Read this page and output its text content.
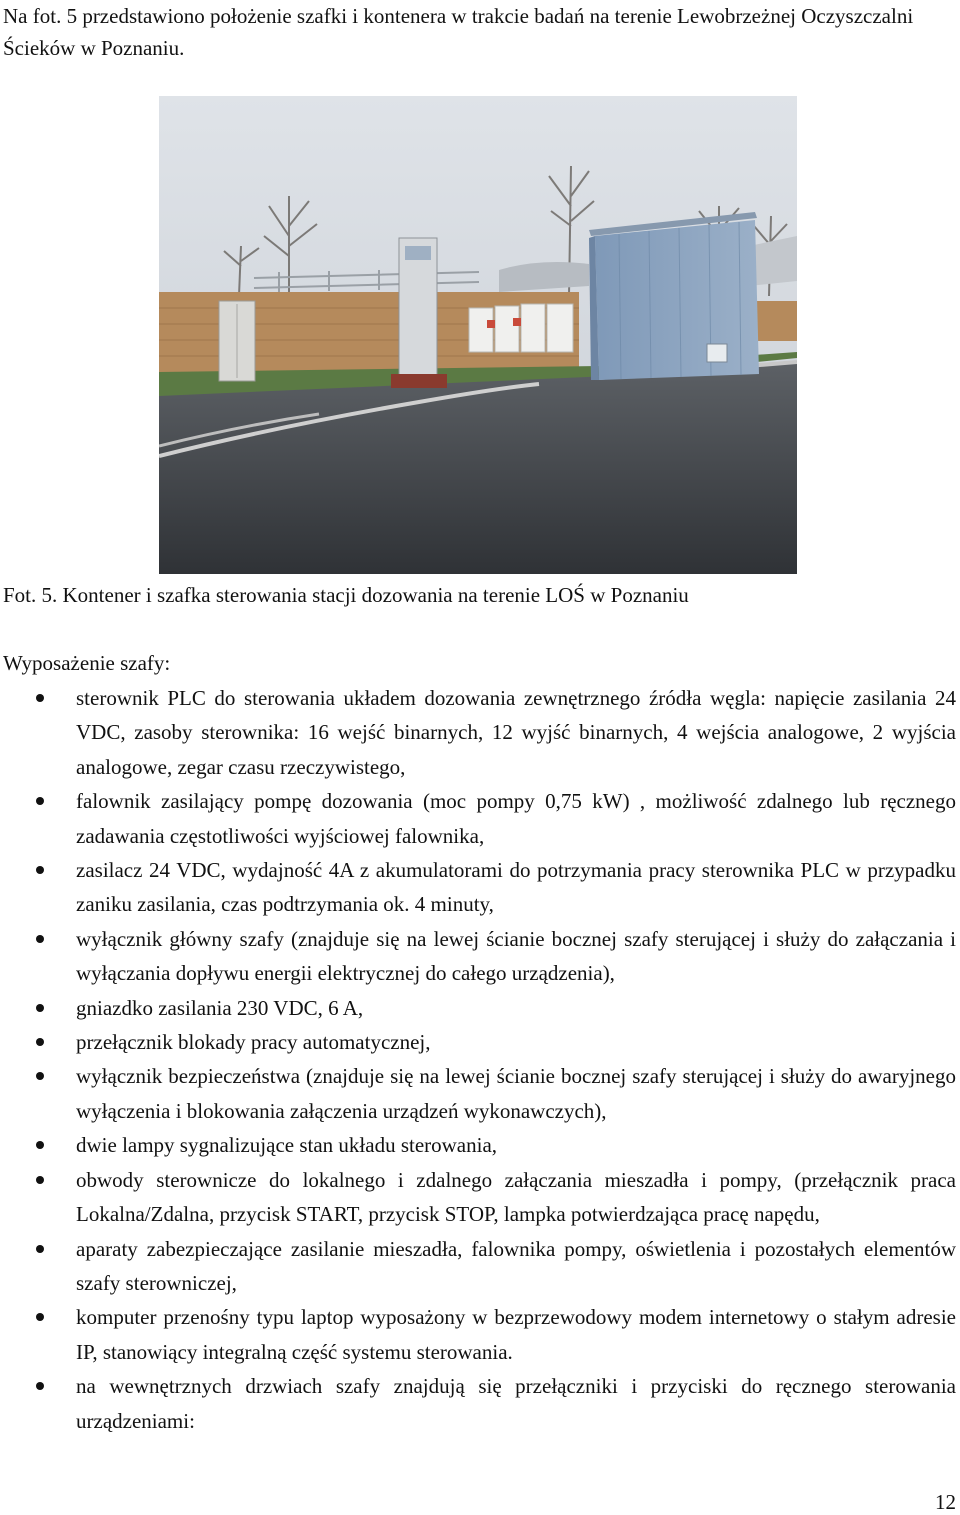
Na fot. 5 przedstawiono położenie szafki i kontenera w trakcie badań na terenie Lewobrzeżnej Oczyszczalni Ścieków w Poznaniu.

Fot. 5. Kontener i szafka sterowania stacji dozowania na terenie LOŚ w Poznaniu

Wyposażenie szafy:

sterownik PLC do sterowania układem dozowania zewnętrznego źródła węgla: napięcie zasilania 24 VDC, zasoby sterownika: 16 wejść binarnych, 12 wyjść binarnych, 4 wejścia analogowe, 2 wyjścia analogowe, zegar czasu rzeczywistego,
falownik zasilający pompę dozowania (moc pompy 0,75 kW) , możliwość zdalnego lub ręcznego zadawania częstotliwości wyjściowej falownika,
zasilacz 24 VDC, wydajność 4A z akumulatorami do potrzymania pracy sterownika PLC w przypadku zaniku zasilania, czas podtrzymania ok. 4 minuty,
wyłącznik główny szafy (znajduje się na lewej ścianie bocznej szafy sterującej i służy do załączania i wyłączania dopływu energii elektrycznej do całego urządzenia),
gniazdko zasilania 230 VDC, 6 A,
przełącznik blokady pracy automatycznej,
wyłącznik bezpieczeństwa (znajduje się na lewej ścianie bocznej szafy sterującej i służy do awaryjnego wyłączenia i blokowania załączenia urządzeń wykonawczych),
dwie lampy sygnalizujące stan układu sterowania,
obwody sterownicze do lokalnego i zdalnego załączania mieszadła i pompy, (przełącznik praca Lokalna/Zdalna, przycisk START, przycisk STOP, lampka potwierdzająca pracę napędu,
aparaty zabezpieczające zasilanie mieszadła, falownika pompy, oświetlenia i pozostałych elementów szafy sterowniczej,
komputer przenośny typu laptop wyposażony w bezprzewodowy modem internetowy o stałym adresie IP, stanowiący integralną część systemu sterowania.
na wewnętrznych drzwiach szafy znajdują się przełączniki i przyciski do ręcznego sterowania urządzeniami:

12
